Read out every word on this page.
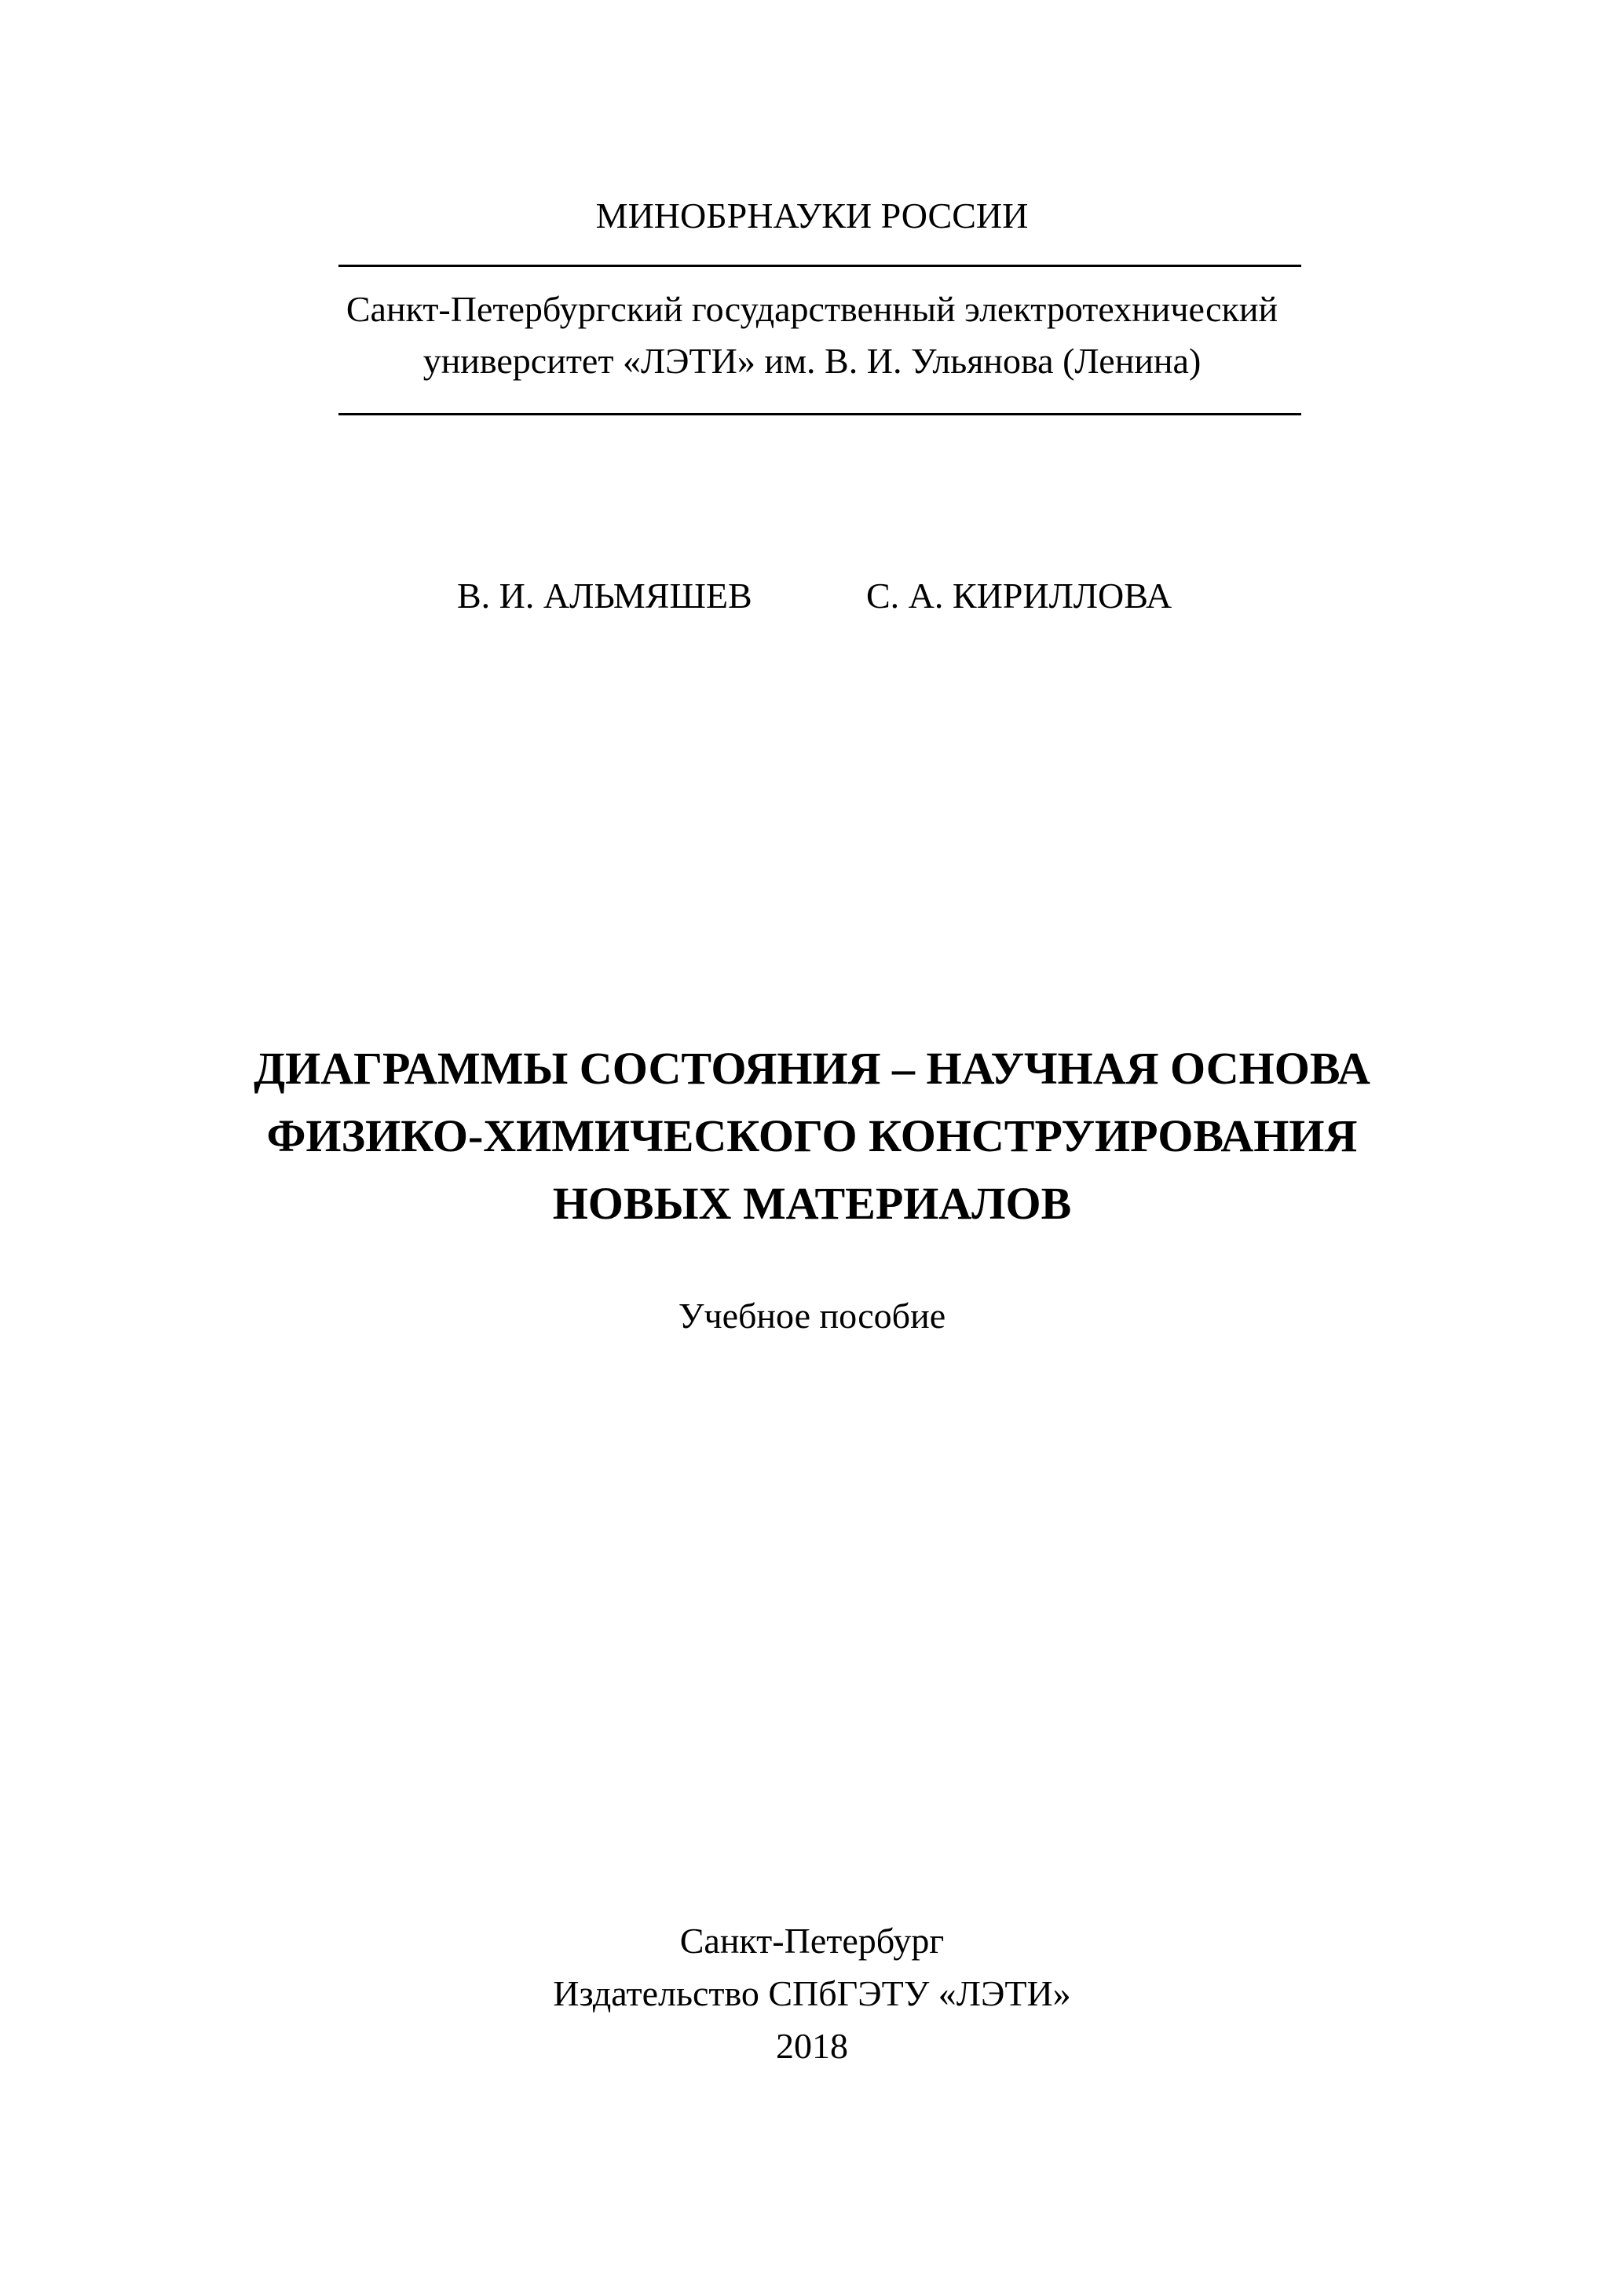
МИНОБРНАУКИ РОССИИ
Санкт-Петербургский государственный электротехнический
университет «ЛЭТИ» им. В. И. Ульянова (Ленина)
В. И. АЛЬМЯШЕВ	С. А. КИРИЛЛОВА
ДИАГРАММЫ СОСТОЯНИЯ – НАУЧНАЯ ОСНОВА
ФИЗИКО-ХИМИЧЕСКОГО КОНСТРУИРОВАНИЯ
НОВЫХ МАТЕРИАЛОВ
Учебное пособие
Санкт-Петербург
Издательство СПбГЭТУ «ЛЭТИ»
2018
